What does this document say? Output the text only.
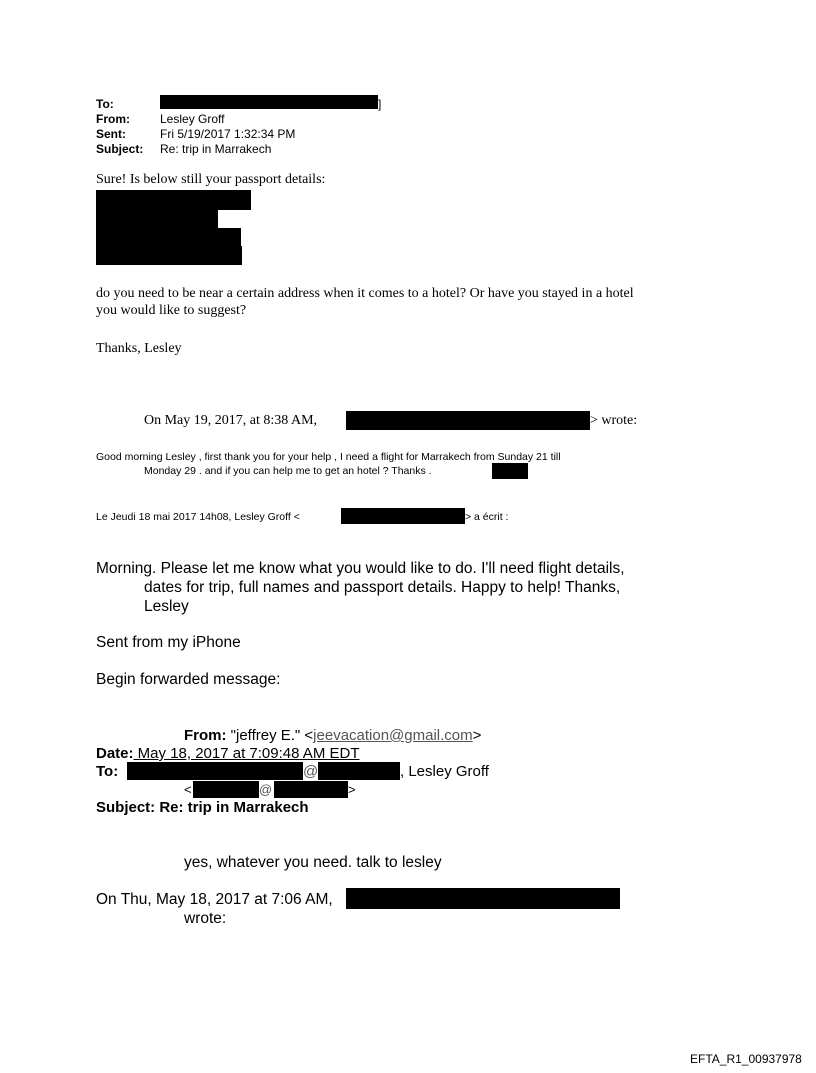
To:	]
From:	Lesley Groff
Sent:	Fri 5/19/2017 1:32:34 PM
Subject: Re: trip in Marrakech
Sure! Is below still your passport details:
do you need to be near a certain address when it comes to a hotel? Or have you stayed in a hotel
you would like to suggest?
Thanks, Lesley
On May 19, 2017, at 8:38 AM,	> wrote:
Good morning Lesley , first thank you for your help , I need a flight for Marrakech from Sunday 21 till
Monday 29 . and if you can help me to get an hotel ? Thanks .
Le Jeudi 18 mai 2017 14h08, Lesley Groff <	> a écrit :
Morning. Please let me know what you would like to do. I'll need flight details,
dates for trip, full names and passport details. Happy to help! Thanks,
Lesley
Sent from my iPhone
Begin forwarded message:
From: "jeffrey E." <jeevacation@gmail.com>
Date: May 18, 2017 at 7:09:48 AM EDT
To:	@	, Lesley Groff
<	@	>
Subject: Re: trip in Marrakech
yes, whatever you need. talk to lesley
On Thu, May 18, 2017 at 7:06 AM,
wrote:
EFTA_R1_00937978
